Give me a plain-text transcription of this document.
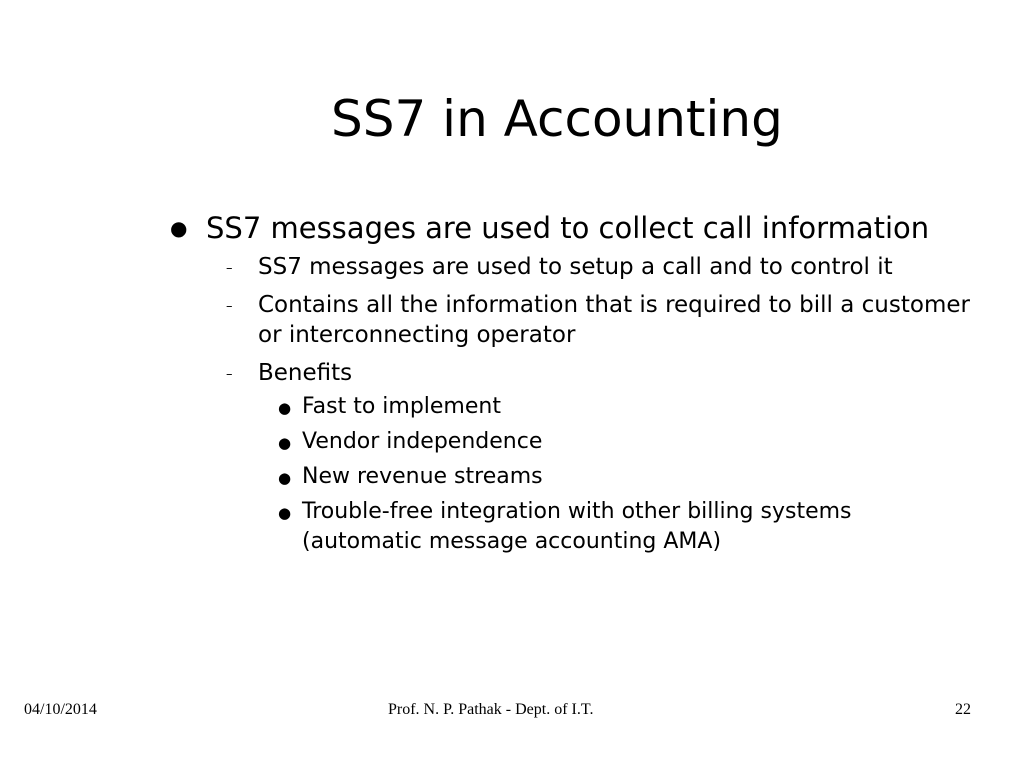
SS7 in Accounting
● SS7 messages are used to collect call information
– SS7 messages are used to setup a call and to control it
– Contains all the information that is required to bill a customer or interconnecting operator
– Benefits
● Fast to implement
● Vendor independence
● New revenue streams
● Trouble-free integration with other billing systems (automatic message accounting AMA)
04/10/2014	Prof. N. P. Pathak - Dept. of I.T.	22
